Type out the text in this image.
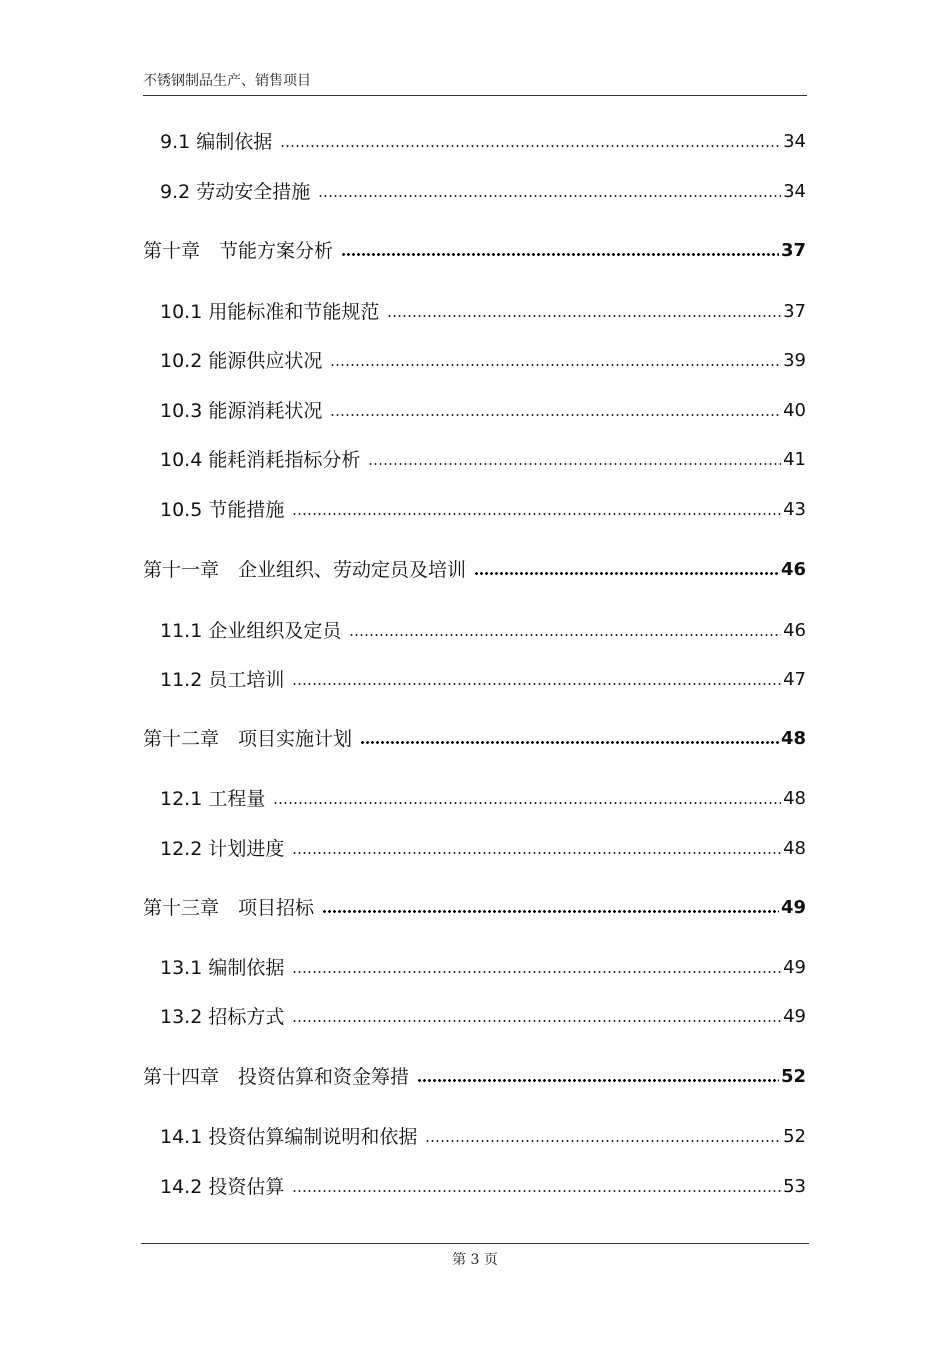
不锈钢制品生产、销售项目
9.1 编制依据	34
9.2 劳动安全措施	34
第十章　节能方案分析	37
10.1 用能标准和节能规范	37
10.2 能源供应状况	39
10.3 能源消耗状况	40
10.4 能耗消耗指标分析	41
10.5 节能措施	43
第十一章　企业组织、劳动定员及培训	46
11.1 企业组织及定员	46
11.2 员工培训	47
第十二章　项目实施计划	48
12.1 工程量	48
12.2 计划进度	48
第十三章　项目招标	49
13.1 编制依据	49
13.2 招标方式	49
第十四章　投资估算和资金筹措	52
14.1 投资估算编制说明和依据	52
14.2 投资估算	53
第 3 页
